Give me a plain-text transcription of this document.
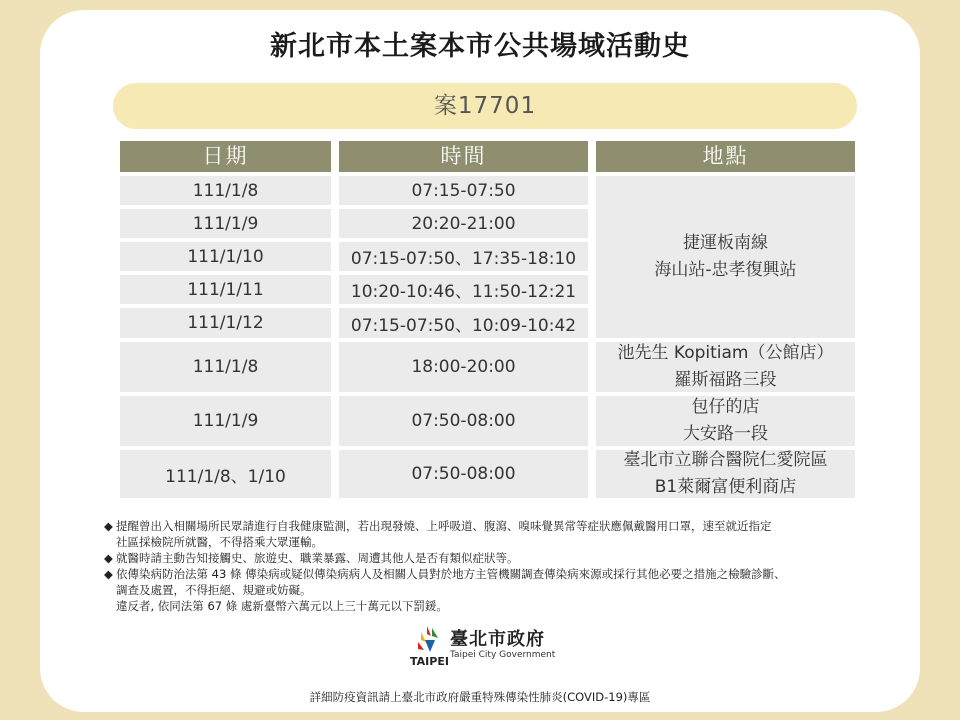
新北市本土案本市公共場域活動史
案17701
日期	時間	地點
111/1/8
111/1/9
111/1/10
111/1/11
111/1/12
111/1/8
111/1/9
111/1/8、1/10
07:15-07:50
20:20-21:00
07:15-07:50、17:35-18:10
10:20-10:46、11:50-12:21
07:15-07:50、10:09-10:42
18:00-20:00
07:50-08:00
07:50-08:00
捷運板南線
海山站-忠孝復興站
池先生 Kopitiam（公館店）
羅斯福路三段
包仔的店
大安路一段
臺北市立聯合醫院仁愛院區
B1萊爾富便利商店
◆ 提醒曾出入相關場所民眾請進行自我健康監測，若出現發燒、上呼吸道、腹瀉、嗅味覺異常等症狀應佩戴醫用口罩，速至就近指定
社區採檢院所就醫，不得搭乘大眾運輸。
◆ 就醫時請主動告知接觸史、旅遊史、職業暴露、周遭其他人是否有類似症狀等。
◆ 依傳染病防治法第 43 條 傳染病或疑似傳染病病人及相關人員對於地方主管機關調查傳染病來源或採行其他必要之措施之檢驗診斷、
調查及處置，不得拒絕、規避或妨礙。
違反者, 依同法第 67 條 處新臺幣六萬元以上三十萬元以下罰鍰。
TAIPEI
臺北市政府
Taipei City Government
詳細防疫資訊請上臺北市政府嚴重特殊傳染性肺炎(COVID-19)專區
